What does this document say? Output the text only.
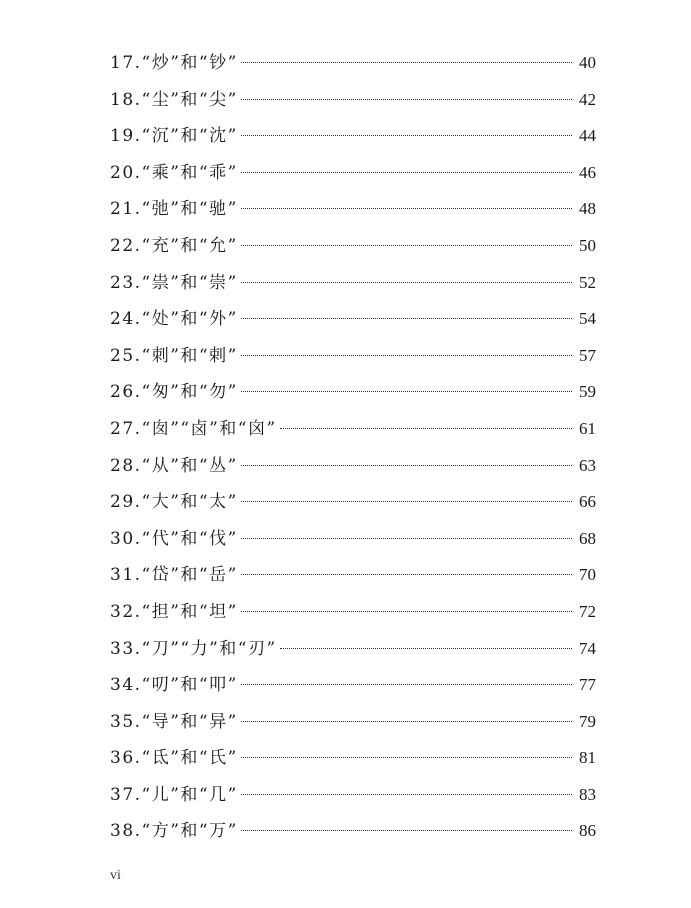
17.“炒”和“钞”	40
18.“尘”和“尖”	42
19.“沉”和“沈”	44
20.“乘”和“乖”	46
21.“弛”和“驰”	48
22.“充”和“允”	50
23.“祟”和“崇”	52
24.“处”和“外”	54
25.“刺”和“剌”	57
26.“匆”和“勿”	59
27.“囱”“卤”和“囟”	61
28.“从”和“丛”	63
29.“大”和“太”	66
30.“代”和“伐”	68
31.“岱”和“岳”	70
32.“担”和“坦”	72
33.“刀”“力”和“刃”	74
34.“叨”和“叩”	77
35.“导”和“异”	79
36.“氐”和“氏”	81
37.“儿”和“几”	83
38.“方”和“万”	86
vi
